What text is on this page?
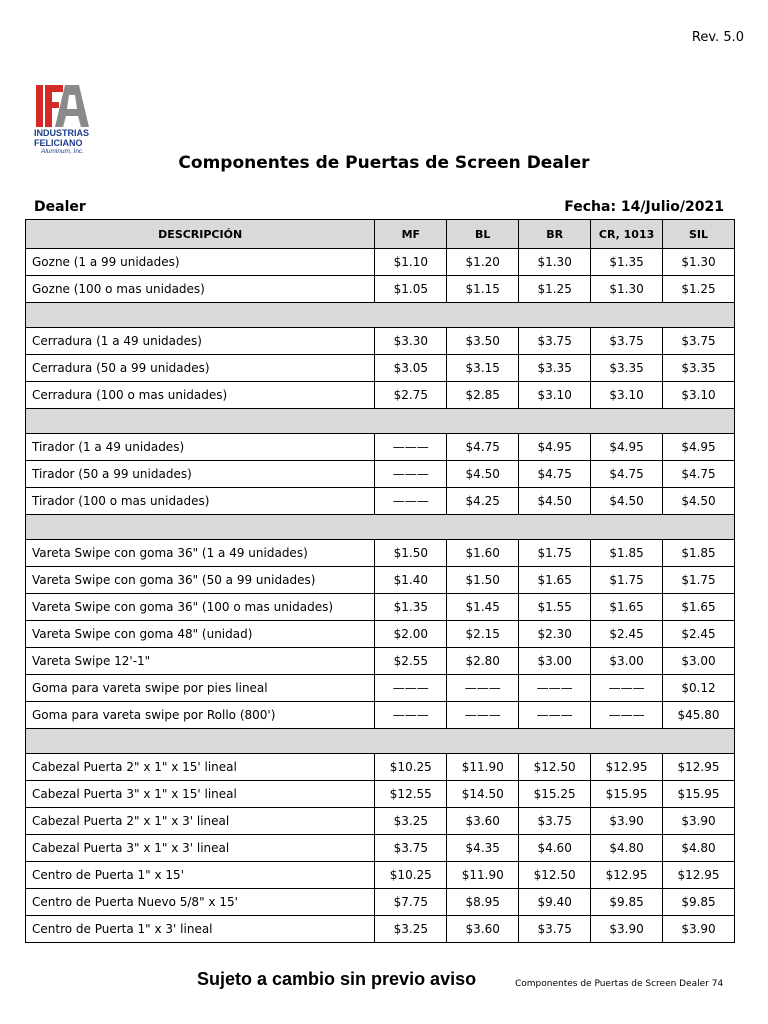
Rev. 5.0
INDUSTRIAS
FELICIANO
Aluminum, Inc.
Componentes de Puertas de Screen Dealer
Dealer	Fecha: 14/Julio/2021
DESCRIPCIÓN	MF	BL	BR	CR, 1013	SIL
Gozne (1 a 99 unidades)	$1.10	$1.20	$1.30	$1.35	$1.30
Gozne (100 o mas unidades)	$1.05	$1.15	$1.25	$1.30	$1.25

Cerradura (1 a 49 unidades)	$3.30	$3.50	$3.75	$3.75	$3.75
Cerradura (50 a 99 unidades)	$3.05	$3.15	$3.35	$3.35	$3.35
Cerradura (100 o mas unidades)	$2.75	$2.85	$3.10	$3.10	$3.10

Tirador (1 a 49 unidades)	———	$4.75	$4.95	$4.95	$4.95
Tirador (50 a 99 unidades)	———	$4.50	$4.75	$4.75	$4.75
Tirador (100 o mas unidades)	———	$4.25	$4.50	$4.50	$4.50

Vareta Swipe con goma 36" (1 a 49 unidades)	$1.50	$1.60	$1.75	$1.85	$1.85
Vareta Swipe con goma 36" (50 a 99 unidades)	$1.40	$1.50	$1.65	$1.75	$1.75
Vareta Swipe con goma 36" (100 o mas unidades)	$1.35	$1.45	$1.55	$1.65	$1.65
Vareta Swipe con goma 48" (unidad)	$2.00	$2.15	$2.30	$2.45	$2.45
Vareta Swipe 12'-1"	$2.55	$2.80	$3.00	$3.00	$3.00
Goma para vareta swipe por pies lineal	———	———	———	———	$0.12
Goma para vareta swipe por Rollo (800')	———	———	———	———	$45.80

Cabezal Puerta 2" x 1" x 15' lineal	$10.25	$11.90	$12.50	$12.95	$12.95
Cabezal Puerta 3" x 1" x 15' lineal	$12.55	$14.50	$15.25	$15.95	$15.95
Cabezal Puerta 2" x 1" x 3' lineal	$3.25	$3.60	$3.75	$3.90	$3.90
Cabezal Puerta 3" x 1" x 3' lineal	$3.75	$4.35	$4.60	$4.80	$4.80
Centro de Puerta 1" x 15'	$10.25	$11.90	$12.50	$12.95	$12.95
Centro de Puerta Nuevo 5/8" x 15'	$7.75	$8.95	$9.40	$9.85	$9.85
Centro de Puerta 1" x 3' lineal	$3.25	$3.60	$3.75	$3.90	$3.90
Sujeto a cambio sin previo aviso	Componentes de Puertas de Screen Dealer 74
